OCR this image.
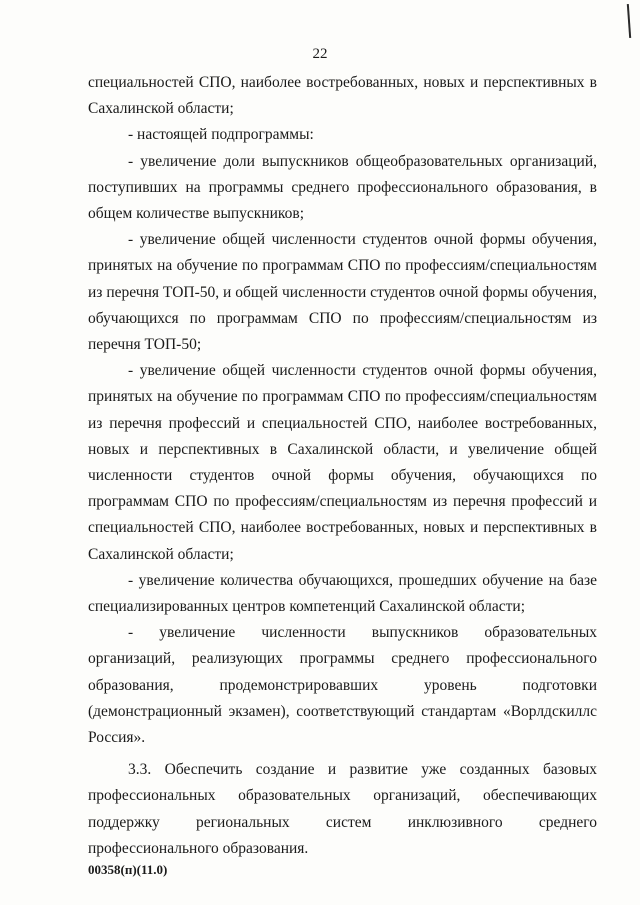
22

специальностей СПО, наиболее востребованных, новых и перспективных в Сахалинской области;

- настоящей подпрограммы:

- увеличение доли выпускников общеобразовательных организаций, поступивших на программы среднего профессионального образования, в общем количестве выпускников;

- увеличение общей численности студентов очной формы обучения, принятых на обучение по программам СПО по профессиям/специальностям из перечня ТОП-50, и общей численности студентов очной формы обучения, обучающихся по программам СПО по профессиям/специальностям из перечня ТОП-50;

- увеличение общей численности студентов очной формы обучения, принятых на обучение по программам СПО по профессиям/специальностям из перечня профессий и специальностей СПО, наиболее востребованных, новых и перспективных в Сахалинской области, и увеличение общей численности студентов очной формы обучения, обучающихся по программам СПО по профессиям/специальностям из перечня профессий и специальностей СПО, наиболее востребованных, новых и перспективных в Сахалинской области;

- увеличение количества обучающихся, прошедших обучение на базе специализированных центров компетенций Сахалинской области;

- увеличение численности выпускников образовательных организаций, реализующих программы среднего профессионального образования, продемонстрировавших уровень подготовки (демонстрационный экзамен), соответствующий стандартам «Ворлдскиллс Россия».

3.3. Обеспечить создание и развитие уже созданных базовых профессиональных образовательных организаций, обеспечивающих поддержку региональных систем инклюзивного среднего профессионального образования.

00358(п)(11.0)
